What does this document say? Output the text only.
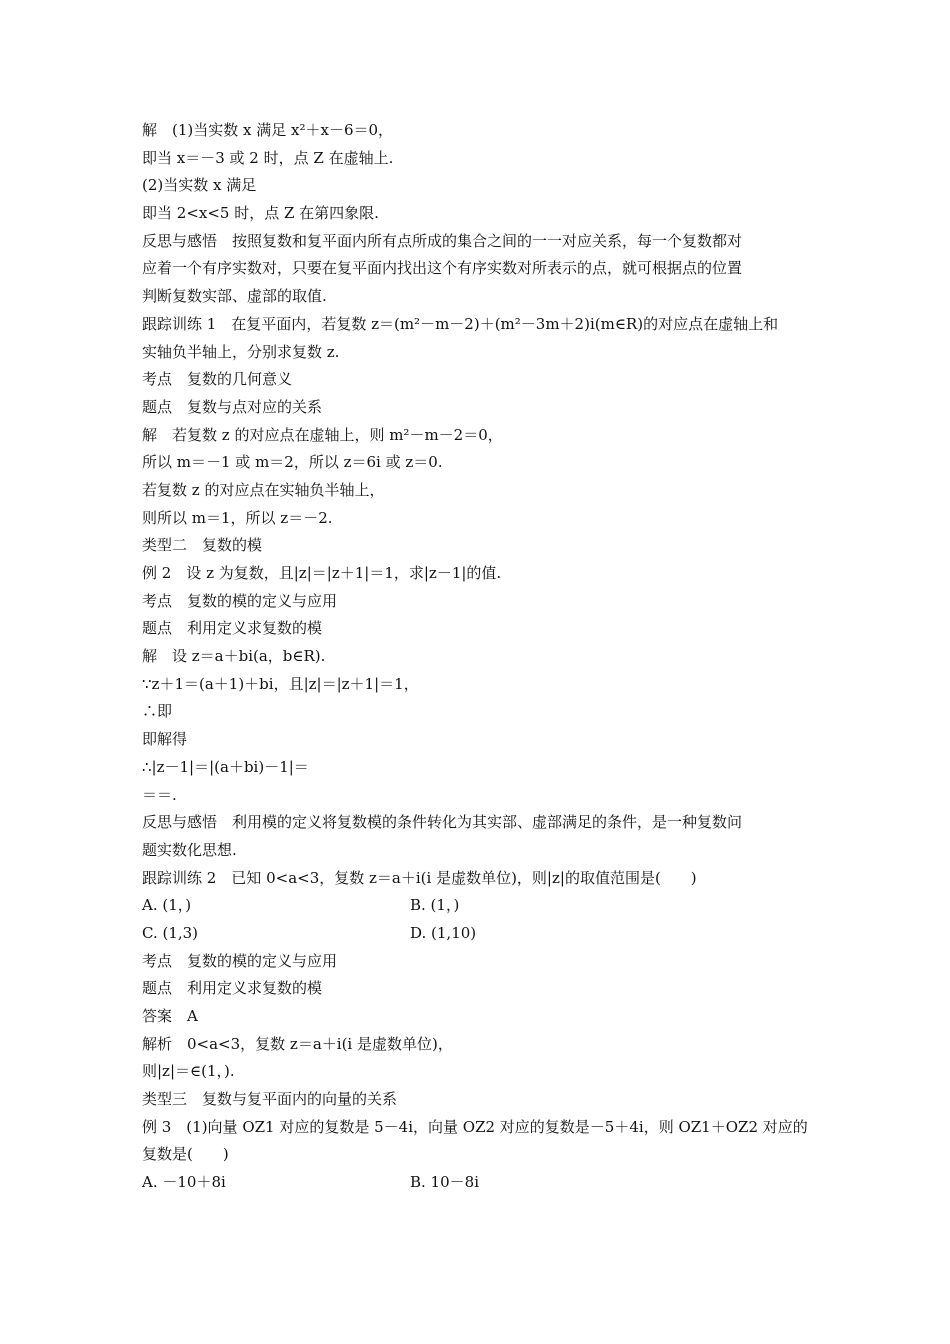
解　(1)当实数 x 满足 x²＋x－6＝0，
即当 x＝－3 或 2 时，点 Z 在虚轴上.
(2)当实数 x 满足
即当 2<x<5 时，点 Z 在第四象限.
反思与感悟　按照复数和复平面内所有点所成的集合之间的一一对应关系，每一个复数都对
应着一个有序实数对，只要在复平面内找出这个有序实数对所表示的点，就可根据点的位置
判断复数实部、虚部的取值.
跟踪训练 1　在复平面内，若复数 z＝(m²－m－2)＋(m²－3m＋2)i(m∈R)的对应点在虚轴上和
实轴负半轴上，分别求复数 z.
考点　复数的几何意义
题点　复数与点对应的关系
解　若复数 z 的对应点在虚轴上，则 m²－m－2＝0，
所以 m＝－1 或 m＝2，所以 z＝6i 或 z＝0.
若复数 z 的对应点在实轴负半轴上，
则所以 m＝1，所以 z＝－2.
类型二　复数的模
例 2　设 z 为复数，且|z|＝|z＋1|＝1，求|z－1|的值.
考点　复数的模的定义与应用
题点　利用定义求复数的模
解　设 z＝a＋bi(a，b∈R).
∵z＋1＝(a＋1)＋bi，且|z|＝|z＋1|＝1，
∴即
即解得
∴|z－1|＝|(a＋bi)－1|＝
＝＝.
反思与感悟　利用模的定义将复数模的条件转化为其实部、虚部满足的条件，是一种复数问
题实数化思想.
跟踪训练 2　已知 0<a<3，复数 z＝a＋i(i 是虚数单位)，则|z|的取值范围是(　　)
A. (1，)	B. (1，)
C. (1,3)	D. (1,10)
考点　复数的模的定义与应用
题点　利用定义求复数的模
答案　A
解析　0<a<3，复数 z＝a＋i(i 是虚数单位)，
则|z|＝∈(1，).
类型三　复数与复平面内的向量的关系
例 3　(1)向量 OZ1 对应的复数是 5－4i，向量 OZ2 对应的复数是－5＋4i，则 OZ1＋OZ2 对应的
复数是(　　)
A. －10＋8i	B. 10－8i
